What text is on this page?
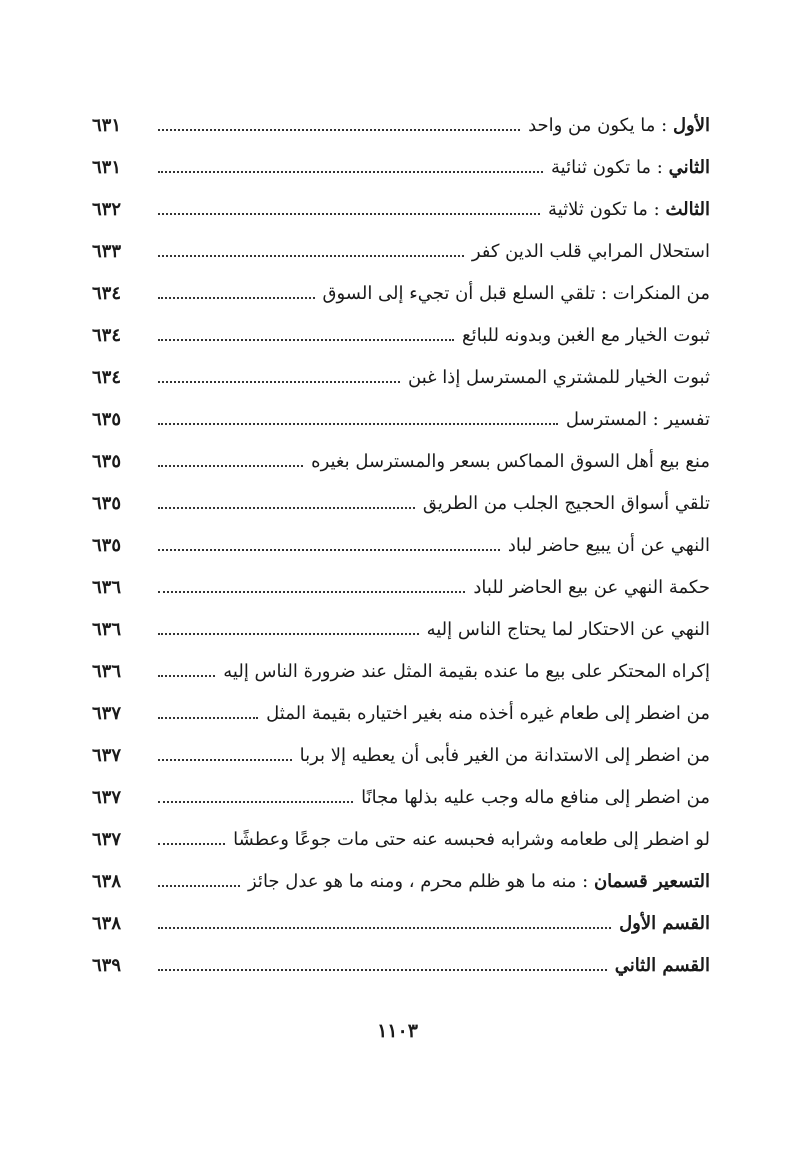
الأول : ما يكون من واحد
٦٣١
الثاني : ما تكون ثنائية
٦٣١
الثالث : ما تكون ثلاثية
٦٣٢
استحلال المرابي قلب الدين كفر
٦٣٣
من المنكرات : تلقي السلع قبل أن تجيء إلى السوق
٦٣٤
ثبوت الخيار مع الغبن وبدونه للبائع
٦٣٤
ثبوت الخيار للمشتري المسترسل إذا غبن
٦٣٤
تفسير : المسترسل
٦٣٥
منع بيع أهل السوق المماكس بسعر والمسترسل بغيره
٦٣٥
تلقي أسواق الحجيج الجلب من الطريق
٦٣٥
النهي عن أن يبيع حاضر لباد
٦٣٥
حكمة النهي عن بيع الحاضر للباد
٦٣٦
النهي عن الاحتكار لما يحتاج الناس إليه
٦٣٦
إكراه المحتكر على بيع ما عنده بقيمة المثل عند ضرورة الناس إليه
٦٣٦
من اضطر إلى طعام غيره أخذه منه بغير اختياره بقيمة المثل
٦٣٧
من اضطر إلى الاستدانة من الغير فأبى أن يعطيه إلا بربا
٦٣٧
من اضطر إلى منافع ماله وجب عليه بذلها مجانًا
٦٣٧
لو اضطر إلى طعامه وشرابه فحبسه عنه حتى مات جوعًا وعطشًا
٦٣٧
التسعير قسمان : منه ما هو ظلم محرم ، ومنه ما هو عدل جائز
٦٣٨
القسم الأول
٦٣٨
القسم الثاني
٦٣٩
١١٠٣
